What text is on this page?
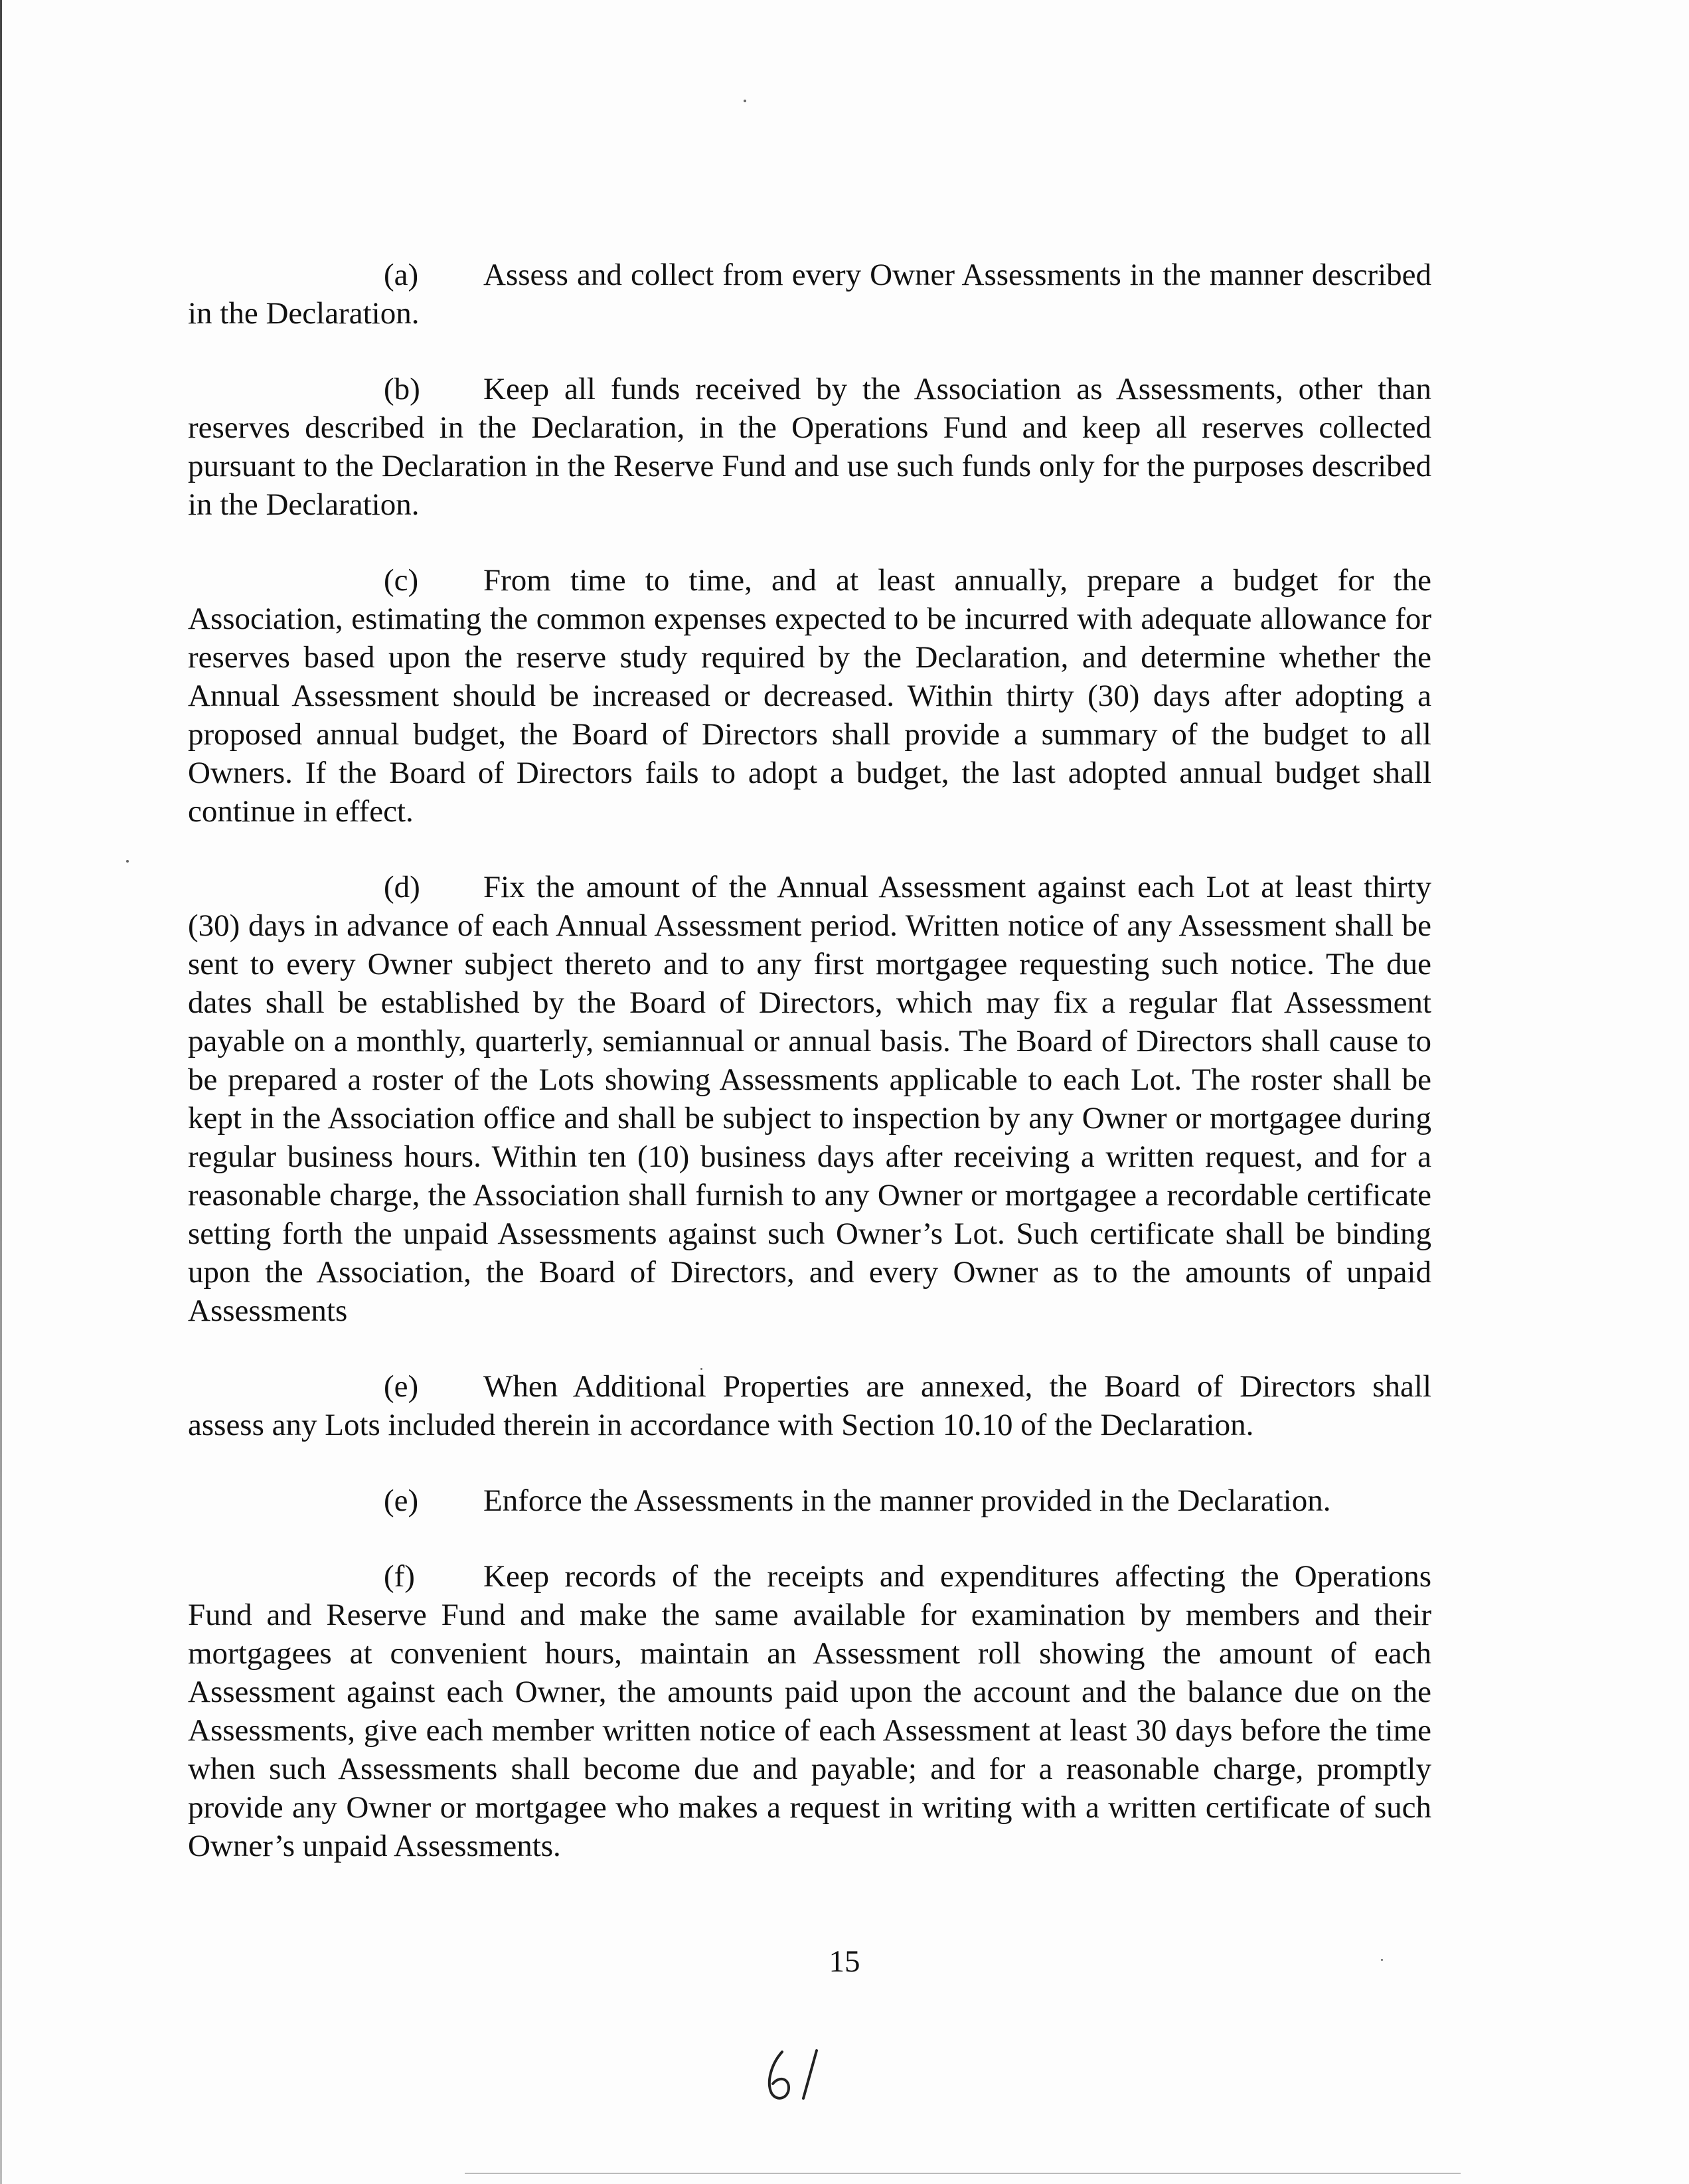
(a) Assess and collect from every Owner Assessments in the manner described in the Declaration.

(b) Keep all funds received by the Association as Assessments, other than reserves described in the Declaration, in the Operations Fund and keep all reserves collected pursuant to the Declaration in the Reserve Fund and use such funds only for the purposes described in the Declaration.

(c) From time to time, and at least annually, prepare a budget for the Association, estimating the common expenses expected to be incurred with adequate allowance for reserves based upon the reserve study required by the Declaration, and determine whether the Annual Assessment should be increased or decreased. Within thirty (30) days after adopting a proposed annual budget, the Board of Directors shall provide a summary of the budget to all Owners. If the Board of Directors fails to adopt a budget, the last adopted annual budget shall continue in effect.

(d) Fix the amount of the Annual Assessment against each Lot at least thirty (30) days in advance of each Annual Assessment period. Written notice of any Assessment shall be sent to every Owner subject thereto and to any first mortgagee requesting such notice. The due dates shall be established by the Board of Directors, which may fix a regular flat Assessment payable on a monthly, quarterly, semiannual or annual basis. The Board of Directors shall cause to be prepared a roster of the Lots showing Assessments applicable to each Lot. The roster shall be kept in the Association office and shall be subject to inspection by any Owner or mortgagee during regular business hours. Within ten (10) business days after receiving a written request, and for a reasonable charge, the Association shall furnish to any Owner or mortgagee a recordable certificate setting forth the unpaid Assessments against such Owner’s Lot. Such certificate shall be binding upon the Association, the Board of Directors, and every Owner as to the amounts of unpaid Assessments

(e) When Additional Properties are annexed, the Board of Directors shall assess any Lots included therein in accordance with Section 10.10 of the Declaration.

(e) Enforce the Assessments in the manner provided in the Declaration.

(f) Keep records of the receipts and expenditures affecting the Operations Fund and Reserve Fund and make the same available for examination by members and their mortgagees at convenient hours, maintain an Assessment roll showing the amount of each Assessment against each Owner, the amounts paid upon the account and the balance due on the Assessments, give each member written notice of each Assessment at least 30 days before the time when such Assessments shall become due and payable; and for a reasonable charge, promptly provide any Owner or mortgagee who makes a request in writing with a written certificate of such Owner’s unpaid Assessments.

15
